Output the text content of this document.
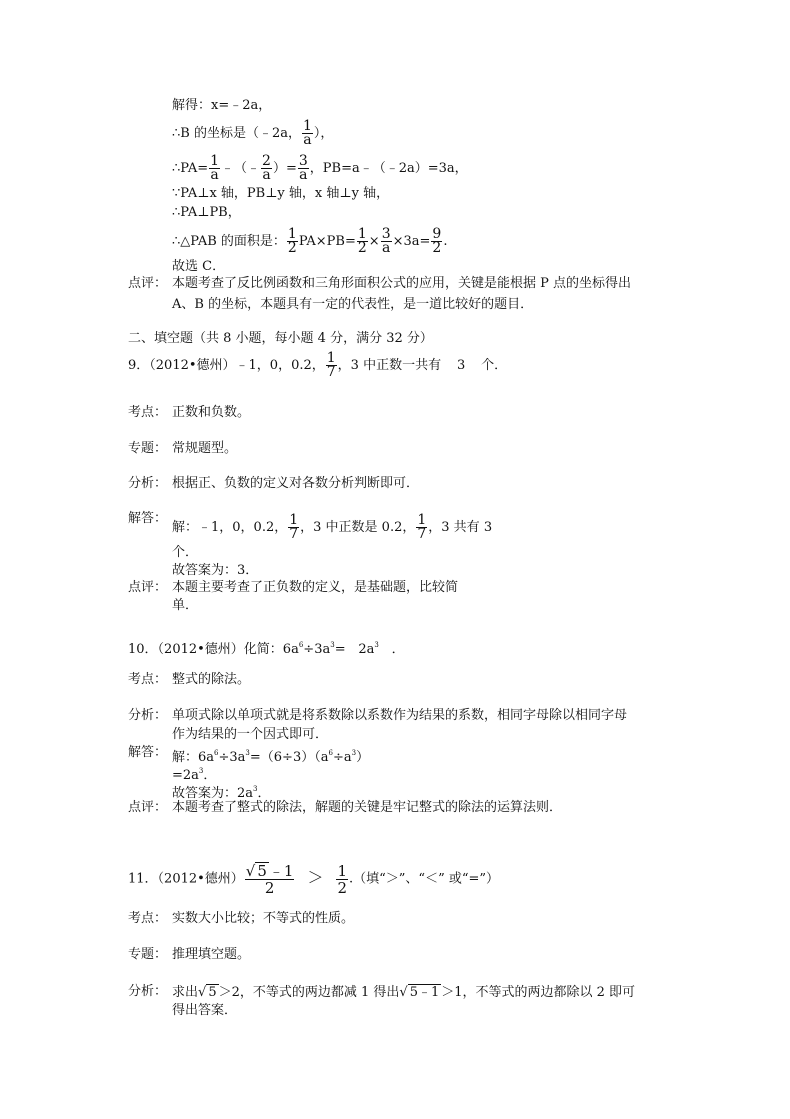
解得：x=﹣2a，
∴B 的坐标是（﹣2a， $\frac{1}{a}$ ），
∴PA= $\frac{1}{a}$ ﹣（﹣ $\frac{2}{a}$ ）= $\frac{3}{a}$ ，PB=a﹣（﹣2a）=3a，
∵PA⊥x 轴，PB⊥y 轴，x 轴⊥y 轴，
∴PA⊥PB，
∴△PAB 的面积是： $\frac{1}{2} PA\times PB= \frac{1}{2} \times \frac{3}{a} \times 3a= \frac{9}{2}$ .
故选 C．
点评： 本题考查了反比例函数和三角形面积公式的应用，关键是能根据 P 点的坐标得出
A、B 的坐标，本题具有一定的代表性，是一道比较好的题目．
二、填空题（共 8 小题，每小题 4 分，满分 32 分）
9．（2012•德州）﹣1，0，0.2， $\frac{1}{7}$ ，3 中正数一共有 3 个．
考点： 正数和负数。
专题： 常规题型。
分析： 根据正、负数的定义对各数分析判断即可．
解答：
解：﹣1，0，0.2， $\frac{1}{7}$ ，3 中正数是 0.2， $\frac{1}{7}$ ，3 共有 3
个．
故答案为：3．
点评： 本题主要考查了正负数的定义，是基础题，比较简
单．
10．（2012•德州）化简：$6a^6\div 3a^3= 2a^3$ ．
考点： 整式的除法。
分析： 单项式除以单项式就是将系数除以系数作为结果的系数，相同字母除以相同字母
作为结果的一个因式即可．
解答： 解：$6a^6\div 3a^3=(6\div 3)(a^6\div a^3)$
$=2a^3$．
故答案为：$2a^3$．
点评： 本题考查了整式的除法，解题的关键是牢记整式的除法的运算法则．
11．（2012•德州） $\frac{√ 5 ﹣1}{2} > \frac{1}{2}$ .（填“＞”、“＜” 或“=”）
考点： 实数大小比较；不等式的性质。
专题： 推理填空题。
分析： 求出√ 5 ＞2，不等式的两边都减 1 得出√ 5﹣1 ＞1，不等式的两边都除以 2 即可
得出答案．
